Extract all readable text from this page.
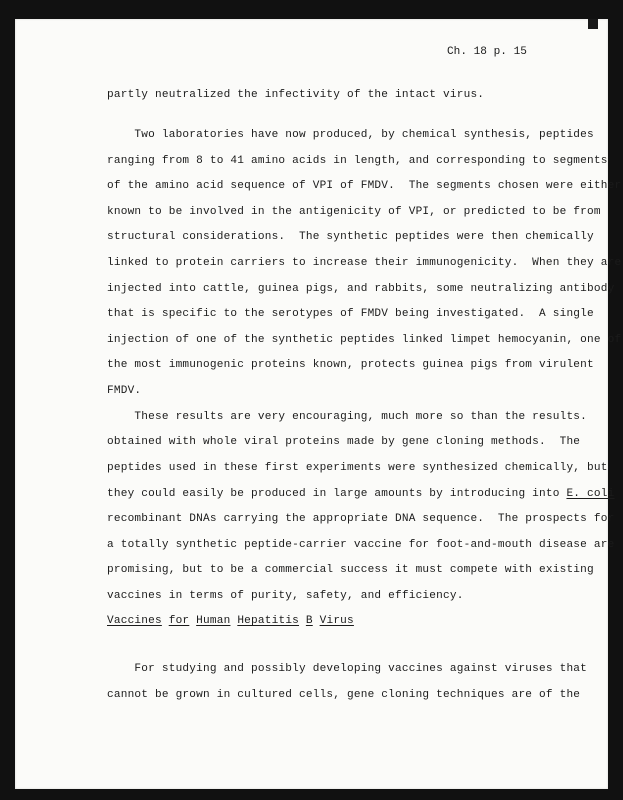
Ch. 18 p. 15
partly neutralized the infectivity of the intact virus.
Two laboratories have now produced, by chemical synthesis, peptides
ranging from 8 to 41 amino acids in length, and corresponding to segments
of the amino acid sequence of VPI of FMDV.  The segments chosen were either
known to be involved in the antigenicity of VPI, or predicted to be from
structural considerations.  The synthetic peptides were then chemically
linked to protein carriers to increase their immunogenicity.  When they are
injected into cattle, guinea pigs, and rabbits, some neutralizing antibody
that is specific to the serotypes of FMDV being investigated.  A single
injection of one of the synthetic peptides linked limpet hemocyanin, one of
the most immunogenic proteins known, protects guinea pigs from virulent
FMDV.
These results are very encouraging, much more so than the results.
obtained with whole viral proteins made by gene cloning methods.  The
peptides used in these first experiments were synthesized chemically, but
they could easily be produced in large amounts by introducing into E. coli
recombinant DNAs carrying the appropriate DNA sequence.  The prospects for
a totally synthetic peptide-carrier vaccine for foot-and-mouth disease are
promising, but to be a commercial success it must compete with existing
vaccines in terms of purity, safety, and efficiency.
Vaccines for Human Hepatitis B Virus
For studying and possibly developing vaccines against viruses that
cannot be grown in cultured cells, gene cloning techniques are of the
